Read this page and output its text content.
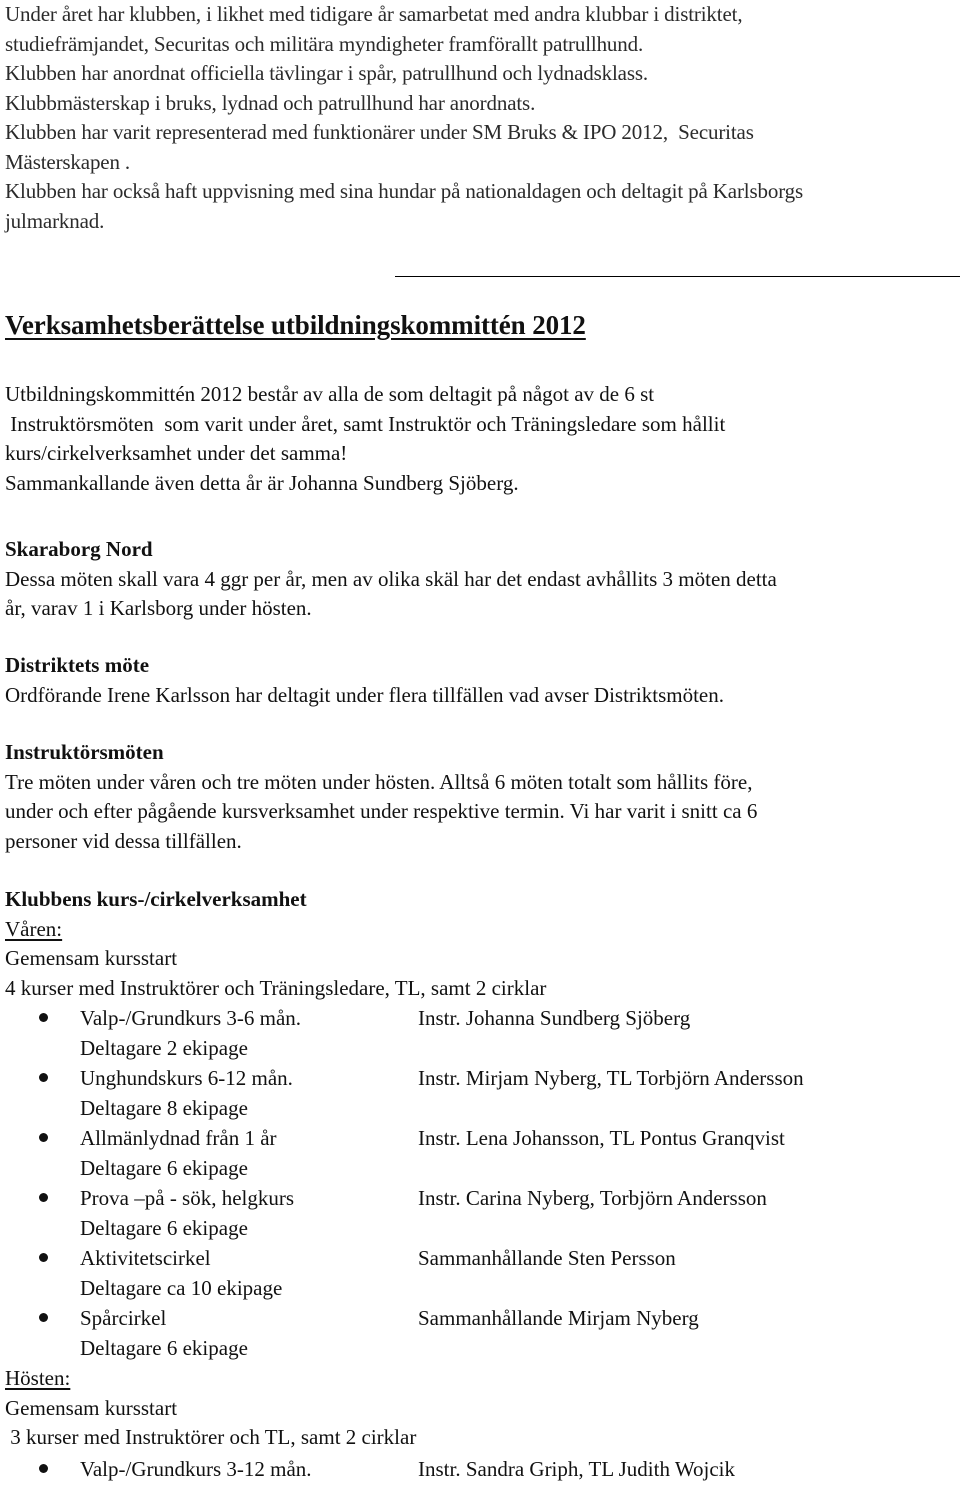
Under året har klubben, i likhet med tidigare år samarbetat med andra klubbar i distriktet,

studiefrämjandet, Securitas och militära myndigheter framförallt patrullhund.

Klubben har anordnat officiella tävlingar i spår, patrullhund och lydnadsklass.

Klubbmästerskap i bruks, lydnad och patrullhund har anordnats.

Klubben har varit representerad med funktionärer under SM Bruks & IPO 2012,  Securitas

Mästerskapen .

Klubben har också haft uppvisning med sina hundar på nationaldagen och deltagit på Karlsborgs

julmarknad.

Verksamhetsberättelse utbildningskommittén 2012

Utbildningskommittén 2012 består av alla de som deltagit på något av de 6 st

Instruktörsmöten  som varit under året, samt Instruktör och Träningsledare som hållit

kurs/cirkelverksamhet under det samma!

Sammankallande även detta år är Johanna Sundberg Sjöberg.

Skaraborg Nord

Dessa möten skall vara 4 ggr per år, men av olika skäl har det endast avhållits 3 möten detta

år, varav 1 i Karlsborg under hösten.

Distriktets möte

Ordförande Irene Karlsson har deltagit under flera tillfällen vad avser Distriktsmöten.

Instruktörsmöten

Tre möten under våren och tre möten under hösten. Alltså 6 möten totalt som hållits före,

under och efter pågående kursverksamhet under respektive termin. Vi har varit i snitt ca 6

personer vid dessa tillfällen.

Klubbens kurs-/cirkelverksamhet

Våren:

Gemensam kursstart

4 kurser med Instruktörer och Träningsledare, TL, samt 2 cirklar

Valp-/Grundkurs 3-6 mån.	Instr. Johanna Sundberg Sjöberg
Deltagare 2 ekipage
Unghundskurs 6-12 mån.	Instr. Mirjam Nyberg, TL Torbjörn Andersson
Deltagare 8 ekipage
Allmänlydnad från 1 år	Instr. Lena Johansson, TL Pontus Granqvist
Deltagare 6 ekipage
Prova –på - sök, helgkurs	Instr. Carina Nyberg, Torbjörn Andersson
Deltagare 6 ekipage
Aktivitetscirkel	Sammanhållande Sten Persson
Deltagare ca 10 ekipage
Spårcirkel	Sammanhållande Mirjam Nyberg
Deltagare 6 ekipage

Hösten:

Gemensam kursstart

3 kurser med Instruktörer och TL, samt 2 cirklar

Valp-/Grundkurs 3-12 mån.	Instr. Sandra Griph, TL Judith Wojcik
